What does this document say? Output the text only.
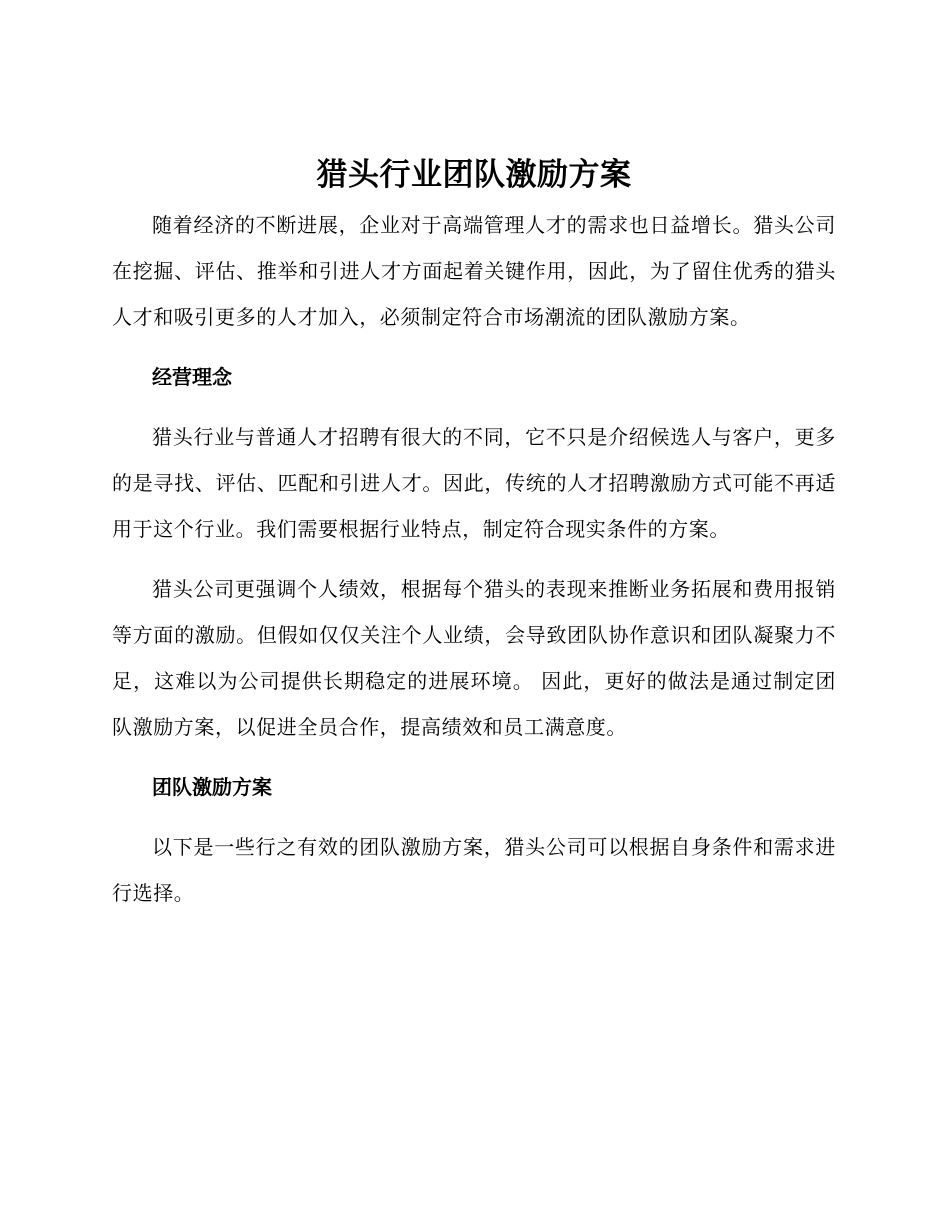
猎头行业团队激励方案

随着经济的不断进展，企业对于高端管理人才的需求也日益增长。猎头公司在挖掘、评估、推举和引进人才方面起着关键作用，因此，为了留住优秀的猎头人才和吸引更多的人才加入，必须制定符合市场潮流的团队激励方案。

经营理念

猎头行业与普通人才招聘有很大的不同，它不只是介绍候选人与客户，更多的是寻找、评估、匹配和引进人才。因此，传统的人才招聘激励方式可能不再适用于这个行业。我们需要根据行业特点，制定符合现实条件的方案。

猎头公司更强调个人绩效，根据每个猎头的表现来推断业务拓展和费用报销等方面的激励。但假如仅仅关注个人业绩，会导致团队协作意识和团队凝聚力不足，这难以为公司提供长期稳定的进展环境。 因此，更好的做法是通过制定团队激励方案，以促进全员合作，提高绩效和员工满意度。

团队激励方案

以下是一些行之有效的团队激励方案，猎头公司可以根据自身条件和需求进行选择。
